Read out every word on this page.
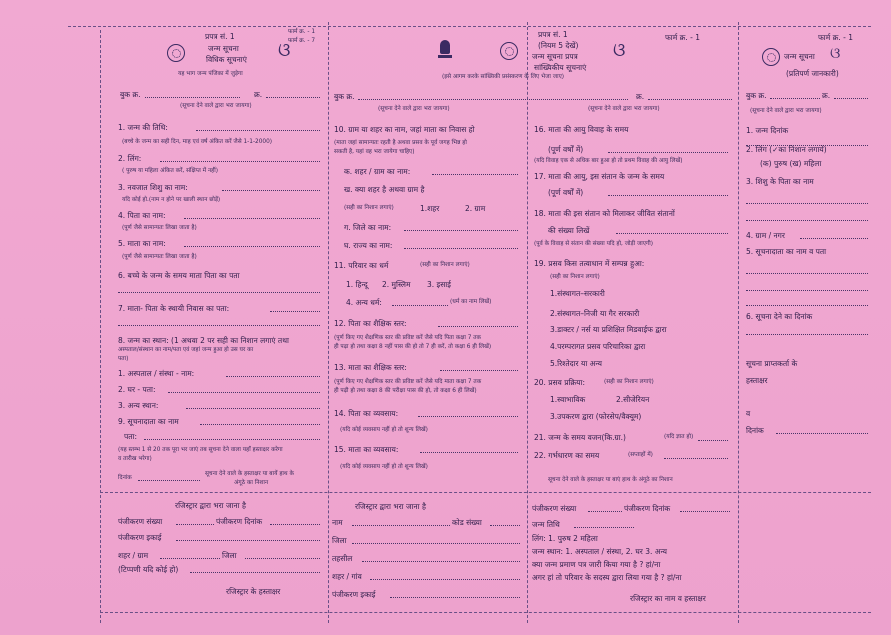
ଓ
प्रपत्र सं. 1	फार्म क्र. - 1
फार्म क्र. - 7
जन्म सूचना
विधिक सूचनाएं
यह भाग जन्म पंजिका में जुड़ेगा
बुक क्र.	क्र.
(सूचना देने वाले द्वारा भरा जायगा)
1. जन्म की तिथि:
(बच्चे के जन्म का सही दिन, माह एवं वर्ष अंकित करें जैसे 1-1-2000)
2. लिंग:
( पुरुष या महिला अंकित करें, संक्षिप्त में नहीं)
3. नवजात शिशु का नाम:
यदि कोई हो.(नाम न होने पर खाली स्थान छोड़ें)
4. पिता का नाम:
(पूर्ण जैसे सामान्यतः लिखा जाता है)
5. माता का नाम:
(पूर्ण जैसे सामान्यतः लिखा जाता है)
6. बच्चे के जन्म के समय माता पिता का पता
7. माता- पिता के स्थायी निवास का पता:
8. जन्म का स्थान: (1 अथवा 2 पर सही का निशान लगाएं तथा
अस्पताल/संस्थान का नाम/पता एवं जहां जन्म हुआ हो उस घर का
पता)
1. अस्पताल / संस्था - नाम:
2. घर - पता:
3. अन्य स्थान:
9. सूचनादाता का नाम
पता:
(यह स्तम्भ 1 से 20 तक पूरा भर जाएं तब सूचना देने वाला यहाँ हस्ताक्षर करेगा
व तारीख भरेगा)
दिनांक
सूचना देने वाले के हस्ताक्षर या बायें हाथ के
अंगूठे का निशान
रजिस्ट्रार द्वारा भरा जाना है
पंजीकरण संख्या	पंजीकरण दिनांक
पंजीकरण इकाई
शहर / ग्राम	जिला
(टिप्पणी यदि कोई हो)
रजिस्ट्रार के हस्ताक्षर
प्रपत्र सं. 1
(नियम 5 देखें)
जन्म सूचना प्रपत्र
सांख्यिकीय सूचनाएं
ଓ
फार्म क्र. - 1
(इसे आगम करके सांख्यिकी प्रसंस्करण के लिए भेजा जाए)
बुक क्र.	क्र.
(सूचना देने वाले द्वारा भरा जायगा)
10. ग्राम या शहर का नाम, जहां माता का निवास हो
(माता जहां सामान्यतः रहती है अथवा प्रसव के पूर्व जगह भिन्न हो
सकती है, यहां वह भरा जायेगा चाहिए)
क. शहर / ग्राम का नाम:
ख. क्या शहर है अथवा ग्राम है
(सही का निशान लगाएं)	1.शहर	2. ग्राम
ग. जिले का नाम:
घ. राज्य का नाम:
11. परिवार का धर्म	(सही का निशान लगाएं)
1. हिन्दू 2. मुस्लिम 3. इसाई
4. अन्य धर्म:	(धर्म का नाम लिखें)
12. पिता का शैक्षिक स्तर:
(पूर्ण किए गए शैक्षणिक स्तर की प्रविष्ट करें जैसे यदि पिता कक्षा 7 तक
ही पढ़ा हो तथा कक्षा 8 नहीं पास की हो तो 7 ही करें, तो कक्षा 6 ही लिखें)
13. माता का शैक्षिक स्तर:
(पूर्ण किए गए शैक्षणिक स्तर की प्रविष्ट करें जैसे यदि माता कक्षा 7 तक
ही पढ़ी हो तथा कक्षा 8 की परीक्षा पास की हो, तो कक्षा 6 ही लिखें)
14. पिता का व्यवसाय:
(यदि कोई व्यवसाय नहीं हो तो शून्य लिखें)
15. माता का व्यवसाय:
(यदि कोई व्यवसाय नहीं हो तो शून्य लिखें)
रजिस्ट्रार द्वारा भरा जाना है
नाम	कोड संख्या
जिला
तहसील
शहर / गांव
पंजीकरण इकाई
(सूचना देने वाले द्वारा भरा जायगा)
16. माता की आयु विवाह के समय
(पूर्ण वर्षों में)
(यदि विवाह एक से अधिक बार हुआ हो तो प्रथम विवाह की आयु लिखें)
17. माता की आयु, इस संतान के जन्म के समय
(पूर्ण वर्षों में)
18. माता की इस संतान को मिलाकर जीवित संतानों
की संख्या लिखें
(पूर्व के विवाह से संतान की संख्या यदि हो, जोड़ी जाएगी)
19. प्रसव किस तत्वाधान में सम्पन्न हुआ:
(सही का निशान लगाएं)
1.संस्थागत–सरकारी
2.संस्थागत–निजी या गैर सरकारी
3.डाक्टर / नर्स या प्रशिक्षित मिडवाईफ द्वारा
4.परम्परागत प्रसव परिचारिका द्वारा
5.रिश्तेदार या अन्य
20. प्रसव प्रक्रिया:	(सही का निशान लगाएं)
1.स्वाभाविक	2.सीजेरियन
3.उपकरण द्वारा (फोरसेप/वैक्यूम)
21. जन्म के समय वजन(कि.ग्रा.)	(यदि ज्ञात हो)
22. गर्भधारण का समय	(सप्ताहों में)
सूचना देने वाले के हस्ताक्षर या बाएं हाथ के अंगूठे का निशान
पंजीकरण संख्या	पंजीकरण दिनांक
जन्म तिथि
लिंग: 1. पुरुष 2 महिला
जन्म स्थान: 1. अस्पताल / संस्था, 2. घर 3. अन्य
क्या जन्म प्रमाण पत्र जारी किया गया है ? हां/ना
अगर हां तो परिवार के सदस्य द्वारा लिया गया है ? हां/ना
रजिस्ट्रार का नाम व हस्ताक्षर
फार्म क्र. - 1
जन्म सूचना ଓ
(प्रतिपर्ण जानकारी)
बुक क्र.	क्र.
(सूचना देने वाले द्वारा भरा जायगा)
1. जन्म दिनांक
2. लिंग (✓का निशान लगायें)
(क) पुरुष (ख) महिला
3. शिशु के पिता का नाम
4. ग्राम / नगर
5. सूचनादाता का नाम व पता
6. सूचना देने का दिनांक
सूचना प्राप्तकर्ता के
हस्ताक्षर
व
दिनांक
